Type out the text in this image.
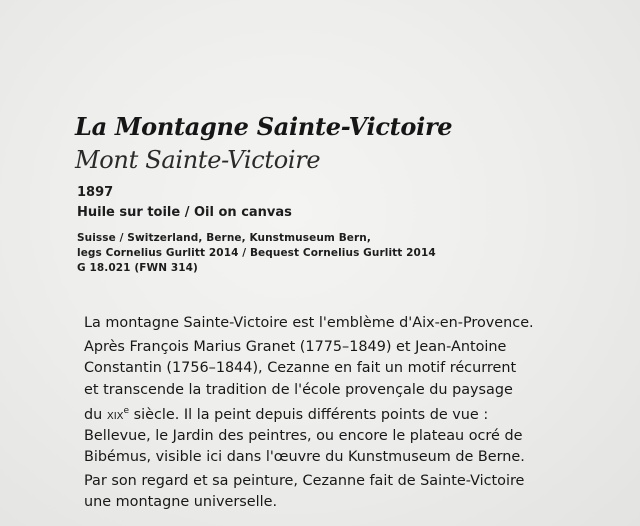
La Montagne Sainte-Victoire
Mont Sainte-Victoire
1897
Huile sur toile / Oil on canvas
Suisse / Switzerland, Berne, Kunstmuseum Bern,
legs Cornelius Gurlitt 2014 / Bequest Cornelius Gurlitt 2014
G 18.021 (FWN 314)
La montagne Sainte-Victoire est l'emblème d'Aix-en-Provence.
Après François Marius Granet (1775–1849) et Jean-Antoine
Constantin (1756–1844), Cezanne en fait un motif récurrent
et transcende la tradition de l'école provençale du paysage
du xix$^e$ siècle. Il la peint depuis différents points de vue :
Bellevue, le Jardin des peintres, ou encore le plateau ocré de
Bibémus, visible ici dans l'œuvre du Kunstmuseum de Berne.
Par son regard et sa peinture, Cezanne fait de Sainte-Victoire
une montagne universelle.
